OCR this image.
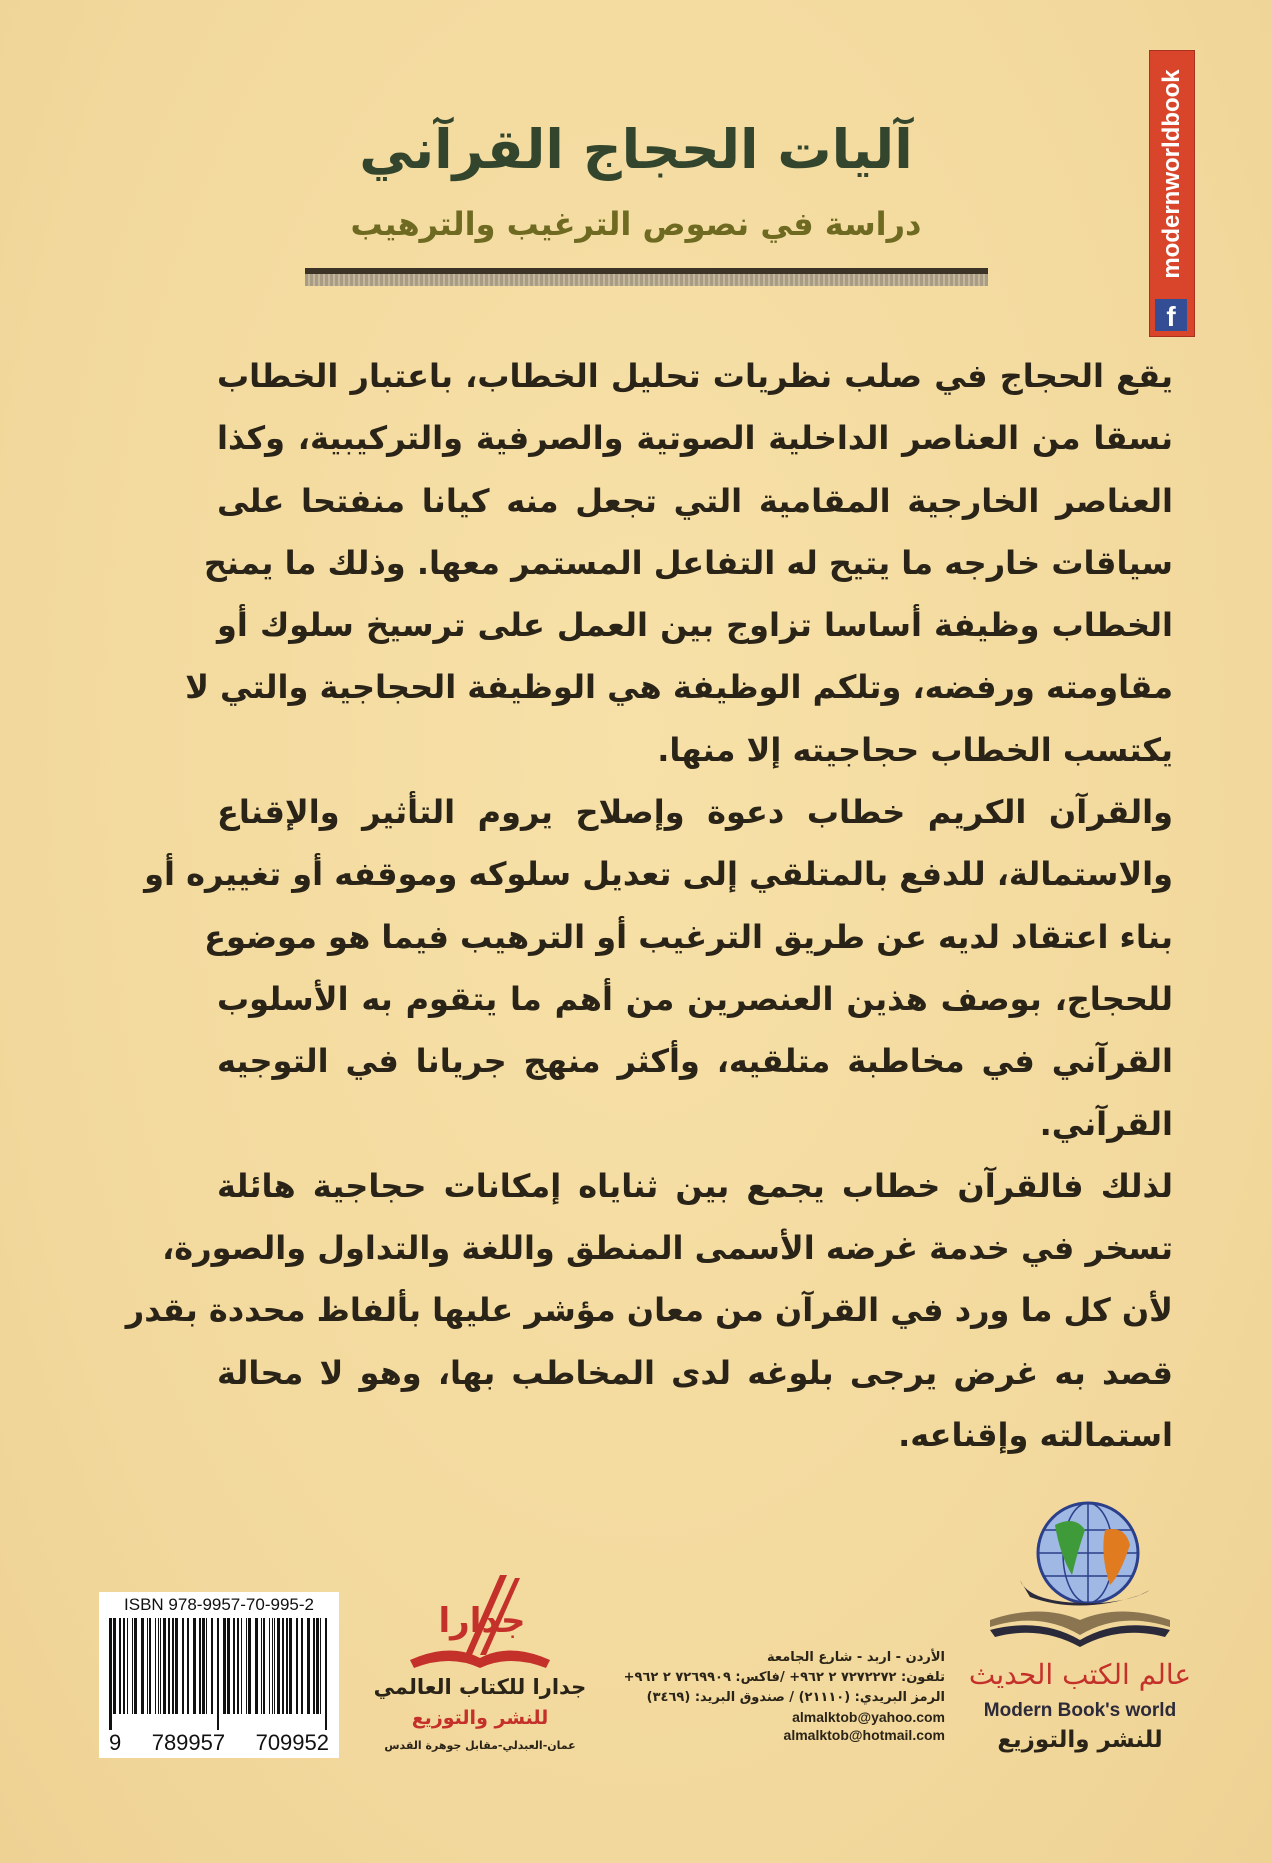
آليات الحجاج القرآني
دراسة في نصوص الترغيب والترهيب	modernworldbook
f
يقع الحجاج في صلب نظريات تحليل الخطاب، باعتبار الخطاب
نسقا من العناصر الداخلية الصوتية والصرفية والتركيبية، وكذا
العناصر الخارجية المقامية التي تجعل منه كيانا منفتحا على
سياقات خارجه ما يتيح له التفاعل المستمر معها. وذلك ما يمنح
الخطاب وظيفة أساسا تزاوج بين العمل على ترسيخ سلوك أو
مقاومته ورفضه، وتلكم الوظيفة هي الوظيفة الحجاجية والتي لا
يكتسب الخطاب حجاجيته إلا منها.
والقرآن الكريم خطاب دعوة وإصلاح يروم التأثير والإقناع
والاستمالة، للدفع بالمتلقي إلى تعديل سلوكه وموقفه أو تغييره أو
بناء اعتقاد لديه عن طريق الترغيب أو الترهيب فيما هو موضوع
للحجاج، بوصف هذين العنصرين من أهم ما يتقوم به الأسلوب
القرآني في مخاطبة متلقيه، وأكثر منهج جريانا في التوجيه
القرآني.
لذلك فالقرآن خطاب يجمع بين ثناياه إمكانات حجاجية هائلة
تسخر في خدمة غرضه الأسمى المنطق واللغة والتداول والصورة،
لأن كل ما ورد في القرآن من معان مؤشر عليها بألفاظ محددة بقدر
قصد به غرض يرجى بلوغه لدى المخاطب بها، وهو لا محالة
استمالته وإقناعه.
ISBN 978-9957-70-995-2
9 789957 709952
جدارا
جدارا للكتاب العالمي
للنشر والتوزيع
عمان-العبدلي-مقابل جوهرة القدس
الأردن - اربد - شارع الجامعة
تلفون: ٧٢٧٢٢٧٢ ٢ ٩٦٢+ /فاكس: ٧٢٦٩٩٠٩ ٢ ٩٦٢+
الرمز البريدي: (٢١١١٠) / صندوق البريد: (٣٤٦٩)
almalktob@yahoo.com
almalktob@hotmail.com
عالم الكتب الحديث
Modern Book's world
للنشر والتوزيع
